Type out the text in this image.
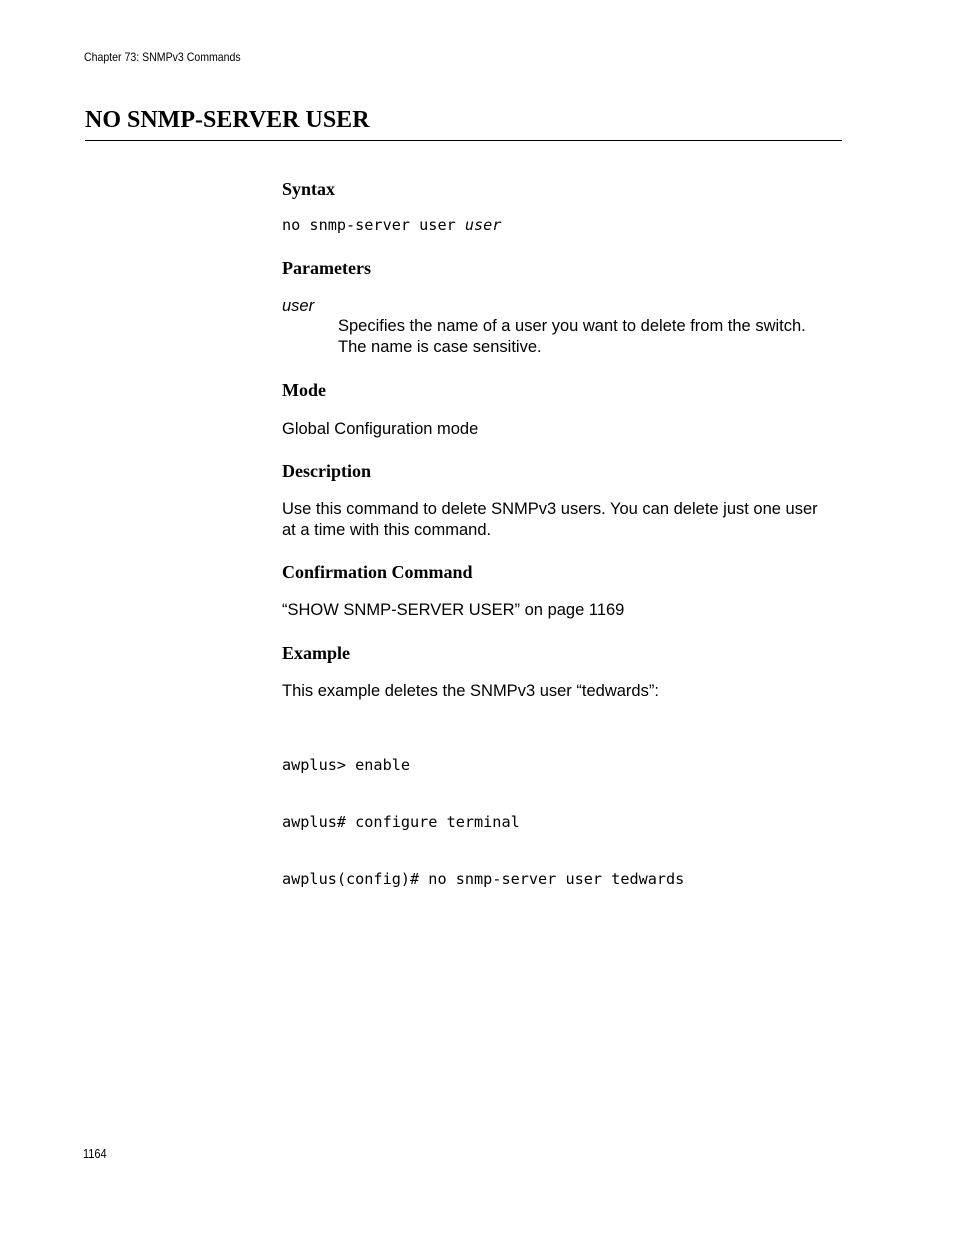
Chapter 73: SNMPv3 Commands
NO SNMP-SERVER USER
Syntax
no snmp-server user user
Parameters
user
Specifies the name of a user you want to delete from the switch.
The name is case sensitive.
Mode
Global Configuration mode
Description
Use this command to delete SNMPv3 users. You can delete just one user
at a time with this command.
Confirmation Command
“SHOW SNMP-SERVER USER” on page 1169
Example
This example deletes the SNMPv3 user “tedwards”:

awplus> enable

awplus# configure terminal

awplus(config)# no snmp-server user tedwards

1164
